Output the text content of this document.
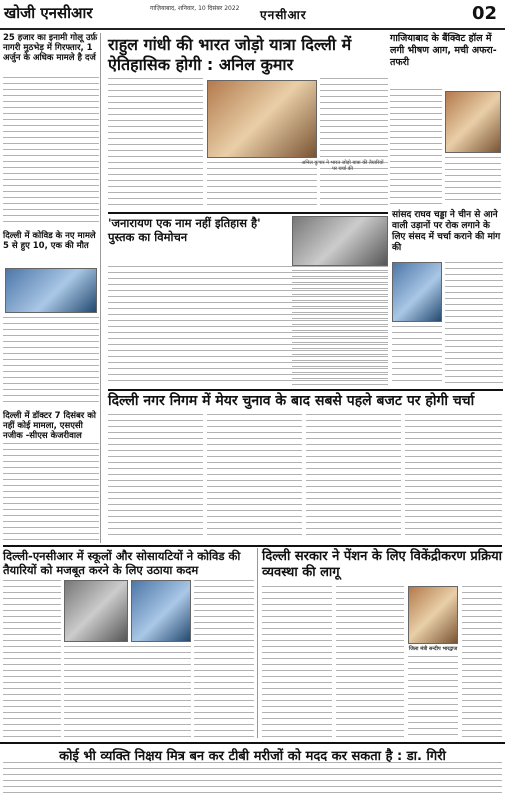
खोजी एनसीआर	गाज़ियाबाद, शनिवार, 10 दिसंबर 2022 एनसीआर	02
25 हजार का इनामी गोलू उर्फ़ नागरी मुठभेड़ में गिरफ्तार, 1 अर्जुन के अधिक मामले है दर्ज
दिल्ली में कोविड के नए मामले 5 से हुए 10, एक की मौत
दिल्ली में डॉक्टर 7 दिसंबर को नहीं कोई मामला, एसएसी नजीक -सीएस केजरीवाल
राहुल गांधी की भारत जोड़ो यात्रा दिल्ली में ऐतिहासिक होगी : अनिल कुमार
अनिल कुमार ने भारत जोड़ो यात्रा की तैयारियों पर चर्चा की
'जनारायण एक नाम नहीं इतिहास है' पुस्तक का विमोचन
गाजियाबाद के बैंक्विट हॉल में लगी भीषण आग, मची अफरा-तफरी
सांसद राघव चड्डा ने चीन से आने वाली उड़ानों पर रोक लगाने के लिए संसद में चर्चा कराने की मांग की
दिल्ली नगर निगम में मेयर चुनाव के बाद सबसे पहले बजट पर होगी चर्चा
दिल्ली-एनसीआर में स्कूलों और सोसायटियों ने कोविड की तैयारियों को मजबूत करने के लिए उठाया कदम
दिल्ली सरकार ने पेंशन के लिए विकेंद्रीकरण प्रक्रिया व्यवस्था की लागू
जिला मंत्री सन्दीप भारद्वाज
कोई भी व्यक्ति निक्षय मित्र बन कर टीबी मरीजों को मदद कर सकता है : डा. गिरी
